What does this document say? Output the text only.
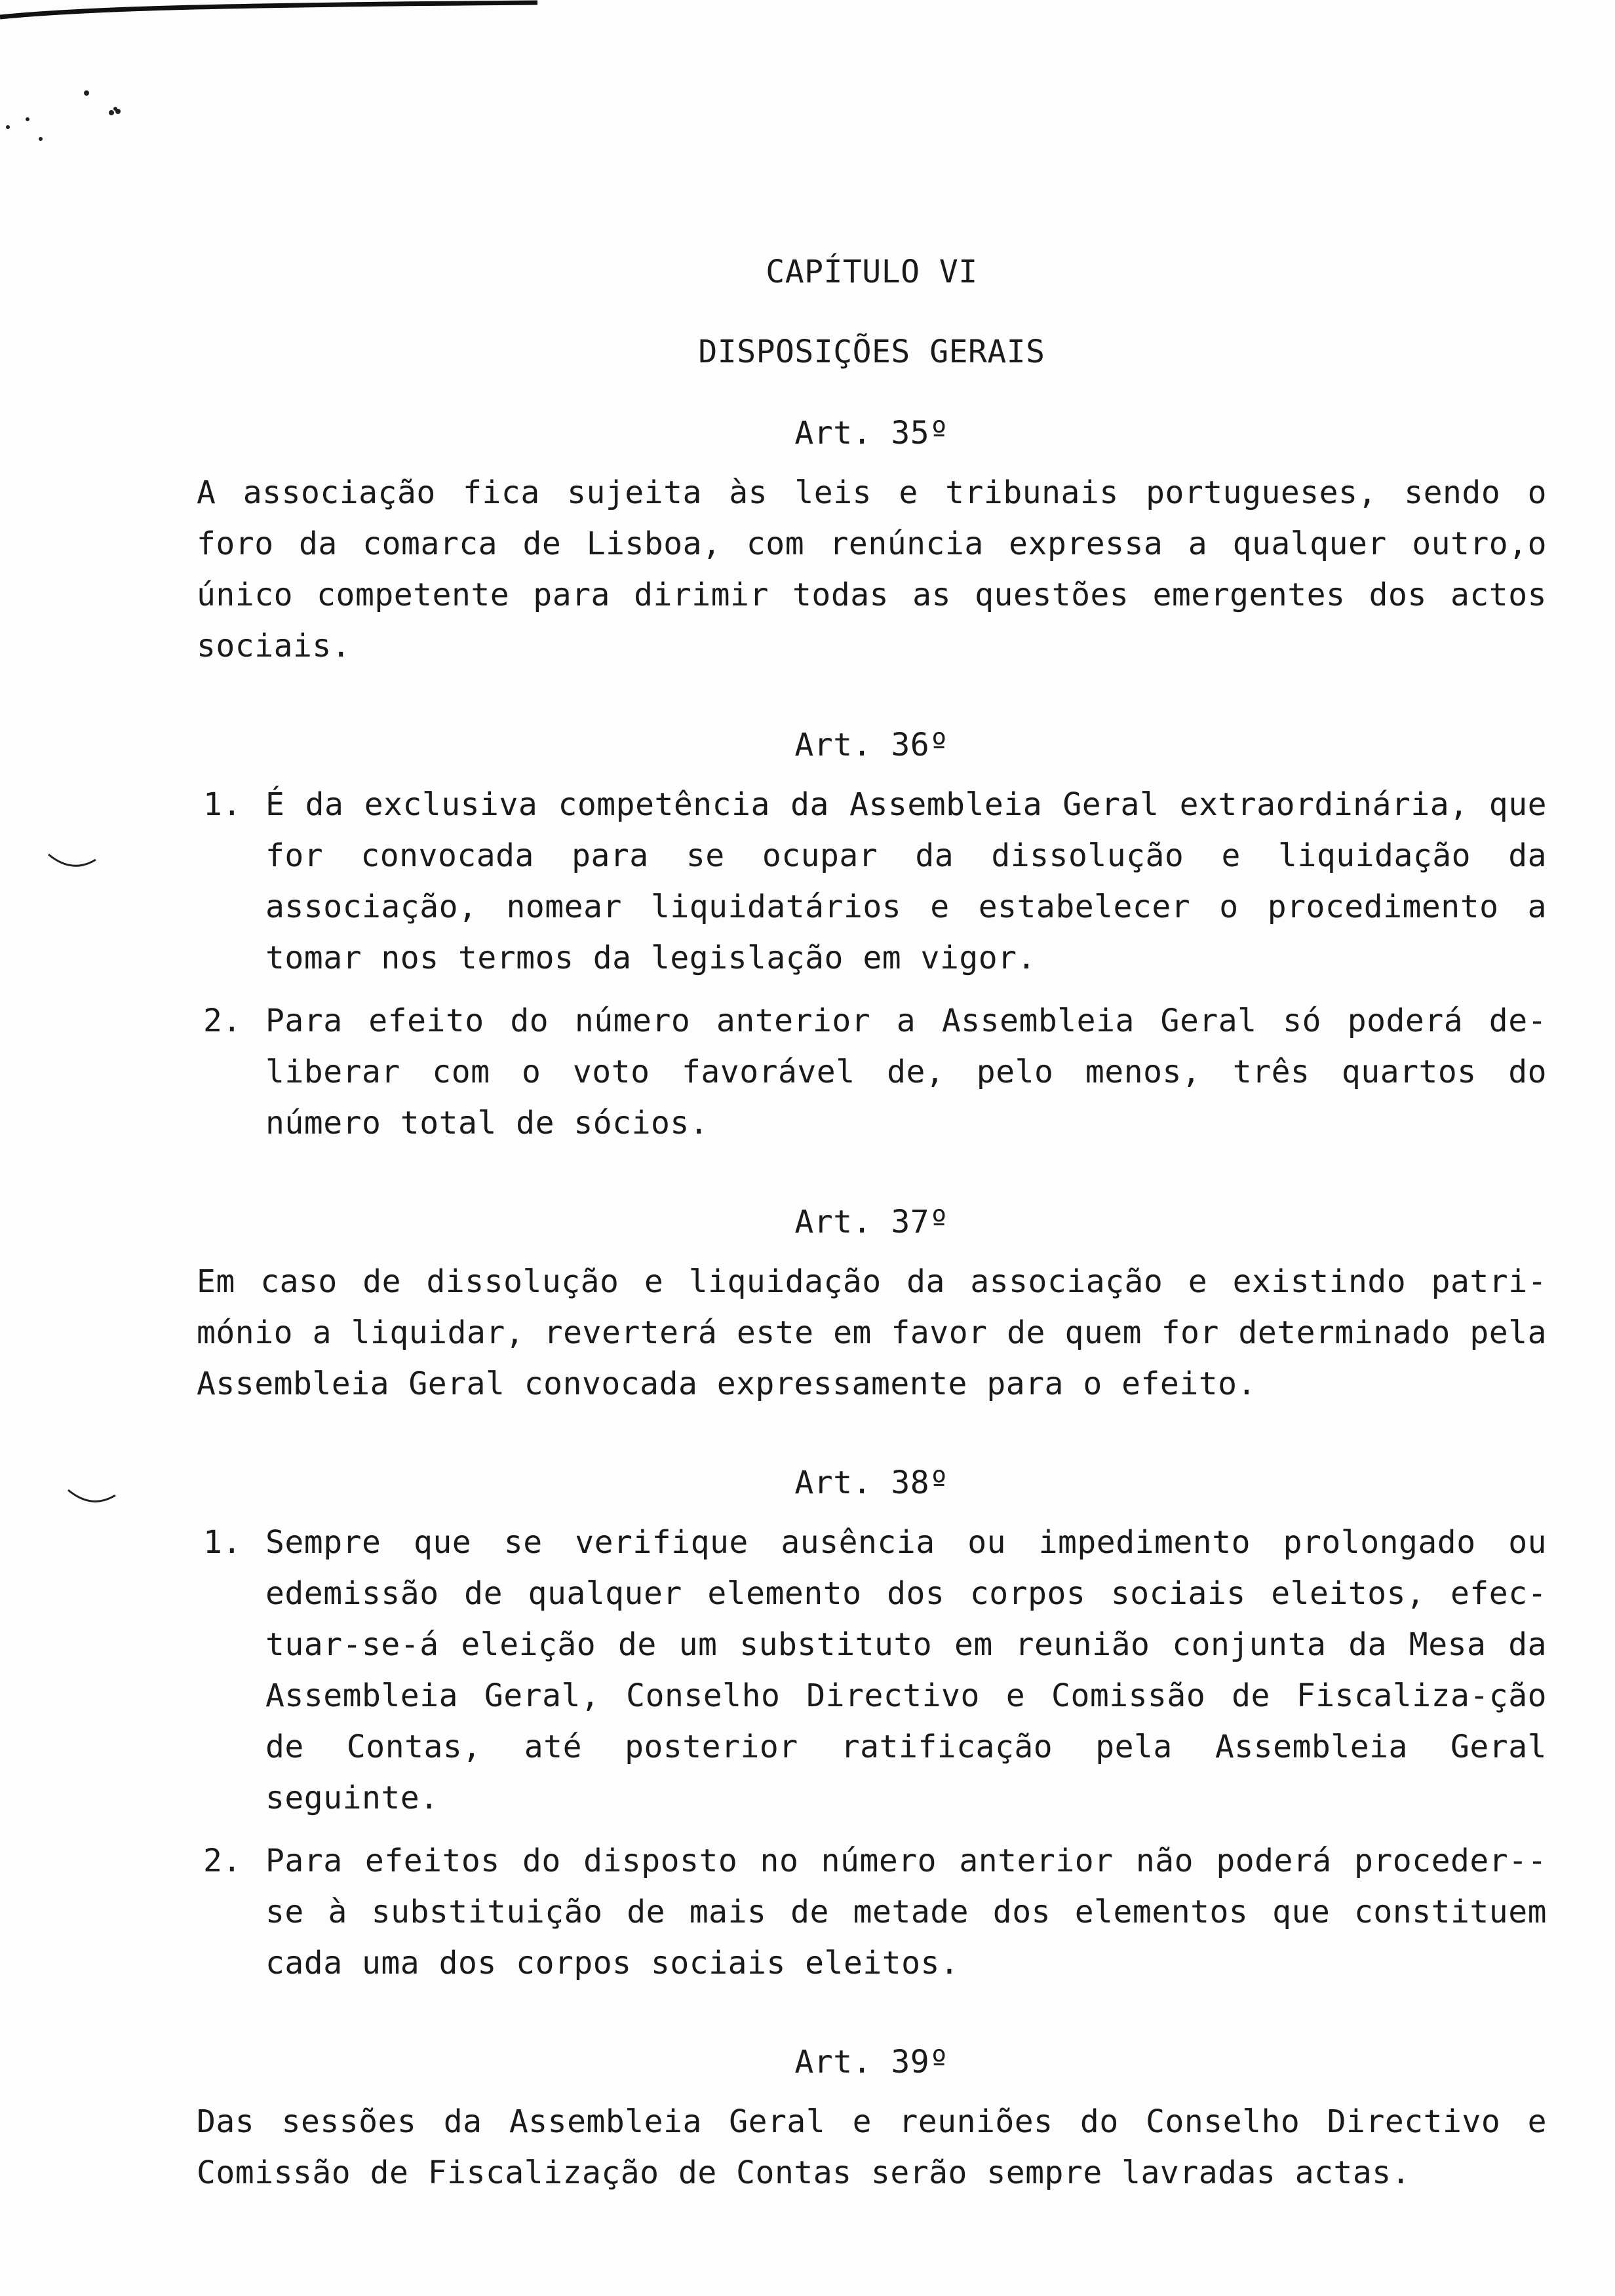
CAPÍTULO VI

DISPOSIÇÕES GERAIS

Art. 35º

A associação fica sujeita às leis e tribunais portugueses, sendo o foro da comarca de Lisboa, com renúncia expressa a qualquer outro,o único competente para dirimir todas as questões emergentes dos actos sociais.

Art. 36º

1. É da exclusiva competência da Assembleia Geral extraordinária, que for convocada para se ocupar da dissolução e liquidação da associação, nomear liquidatários e estabelecer o procedimento a tomar nos termos da legislação em vigor.
2. Para efeito do número anterior a Assembleia Geral só poderá de-liberar com o voto favorável de, pelo menos, três quartos do número total de sócios.

Art. 37º

Em caso de dissolução e liquidação da associação e existindo patri-mónio a liquidar, reverterá este em favor de quem for determinado pela Assembleia Geral convocada expressamente para o efeito.

Art. 38º

1. Sempre que se verifique ausência ou impedimento prolongado ou edemissão de qualquer elemento dos corpos sociais eleitos, efec-tuar-se-á eleição de um substituto em reunião conjunta da Mesa da Assembleia Geral, Conselho Directivo e Comissão de Fiscaliza-ção de Contas, até posterior ratificação pela Assembleia Geral seguinte.
2. Para efeitos do disposto no número anterior não poderá proceder--se à substituição de mais de metade dos elementos que constituem cada uma dos corpos sociais eleitos.

Art. 39º

Das sessões da Assembleia Geral e reuniões do Conselho Directivo e Comissão de Fiscalização de Contas serão sempre lavradas actas.
